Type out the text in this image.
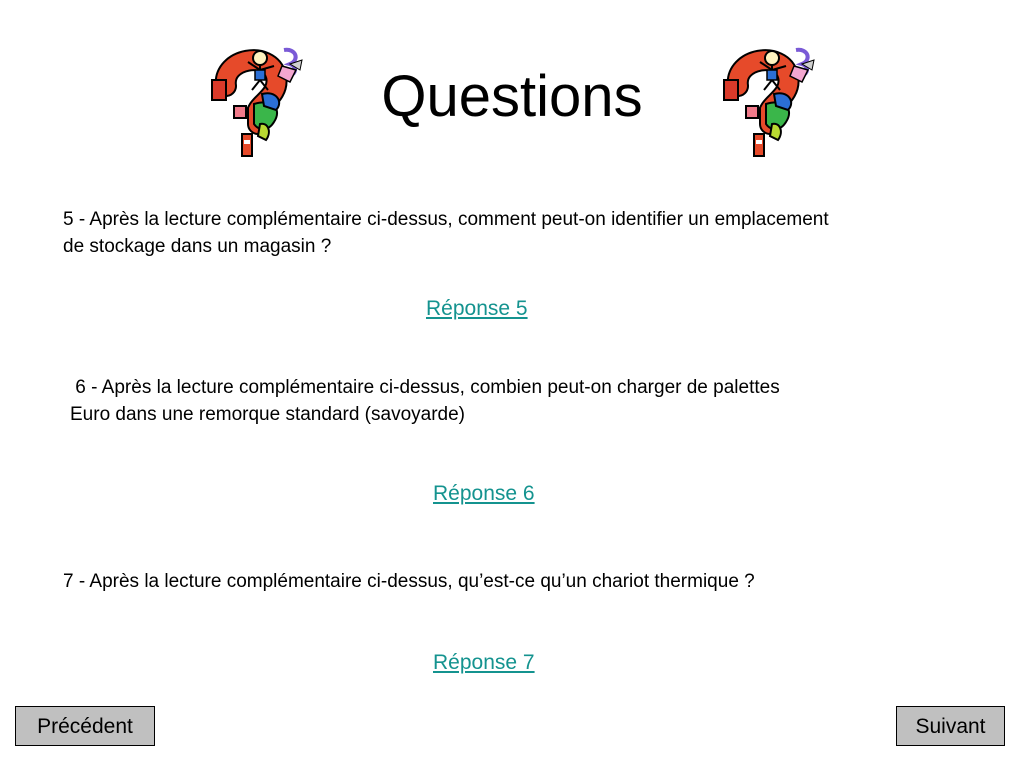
Questions
5 - Après la lecture complémentaire ci-dessus, comment peut-on identifier un emplacement
de stockage dans un magasin ?
Réponse 5
6 - Après la lecture complémentaire ci-dessus, combien peut-on charger de palettes
Euro dans une remorque standard (savoyarde)
Réponse 6
7 - Après la lecture complémentaire ci-dessus, qu’est-ce qu’un chariot thermique ?
Réponse 7
Précédent	Suivant
